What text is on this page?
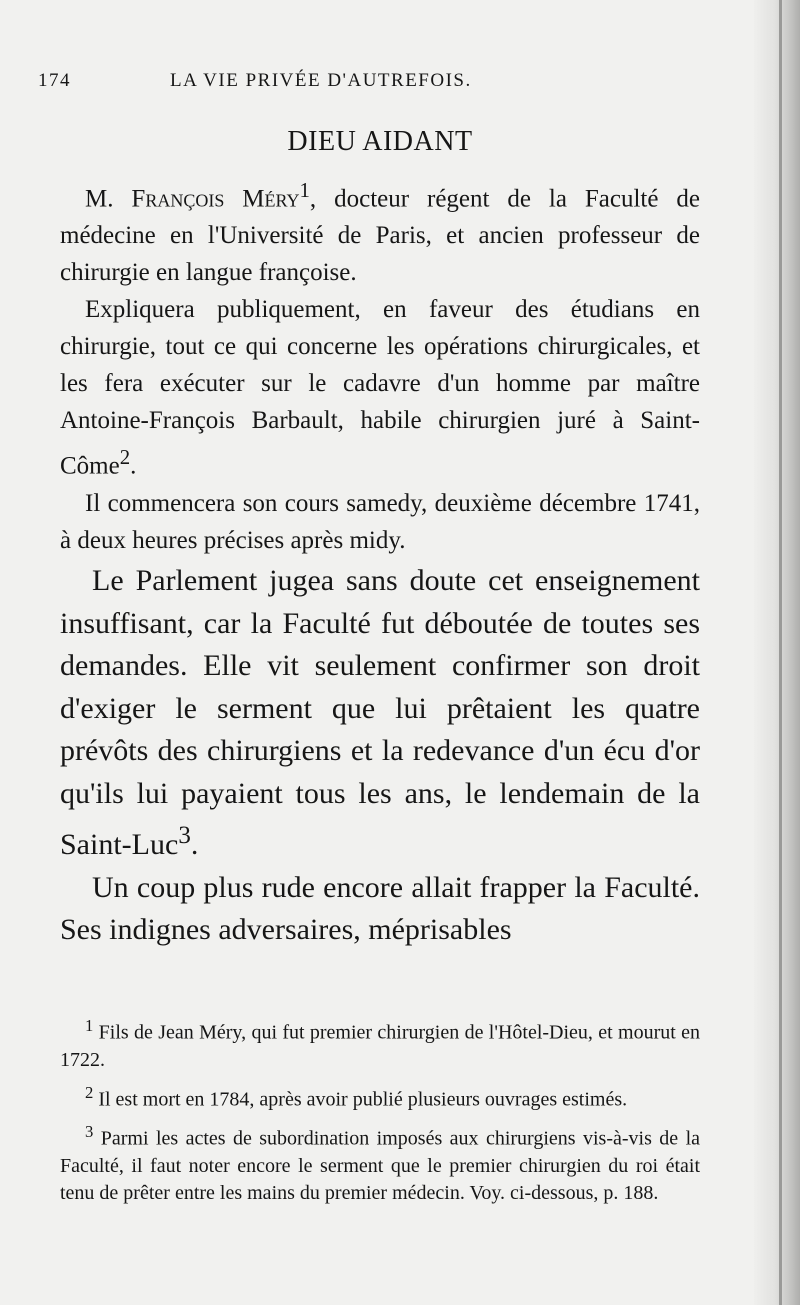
174	LA VIE PRIVÉE D'AUTREFOIS.
DIEU AIDANT

M. François Méry$^1$, docteur régent de la Faculté de médecine en l'Université de Paris, et ancien professeur de chirurgie en langue françoise.

Expliquera publiquement, en faveur des étudians en chirurgie, tout ce qui concerne les opérations chirurgicales, et les fera exécuter sur le cadavre d'un homme par maître Antoine-François Barbault, habile chirurgien juré à Saint-Côme$^2$.

Il commencera son cours samedy, deuxième décembre 1741, à deux heures précises après midy.

Le Parlement jugea sans doute cet enseignement insuffisant, car la Faculté fut déboutée de toutes ses demandes. Elle vit seulement confirmer son droit d'exiger le serment que lui prêtaient les quatre prévôts des chirurgiens et la redevance d'un écu d'or qu'ils lui payaient tous les ans, le lendemain de la Saint-Luc$^3$.

Un coup plus rude encore allait frapper la Faculté. Ses indignes adversaires, méprisables

$^1$ Fils de Jean Méry, qui fut premier chirurgien de l'Hôtel-Dieu, et mourut en 1722.

$^2$ Il est mort en 1784, après avoir publié plusieurs ouvrages estimés.

$^3$ Parmi les actes de subordination imposés aux chirurgiens vis-à-vis de la Faculté, il faut noter encore le serment que le premier chirurgien du roi était tenu de prêter entre les mains du premier médecin. Voy. ci-dessous, p. 188.
